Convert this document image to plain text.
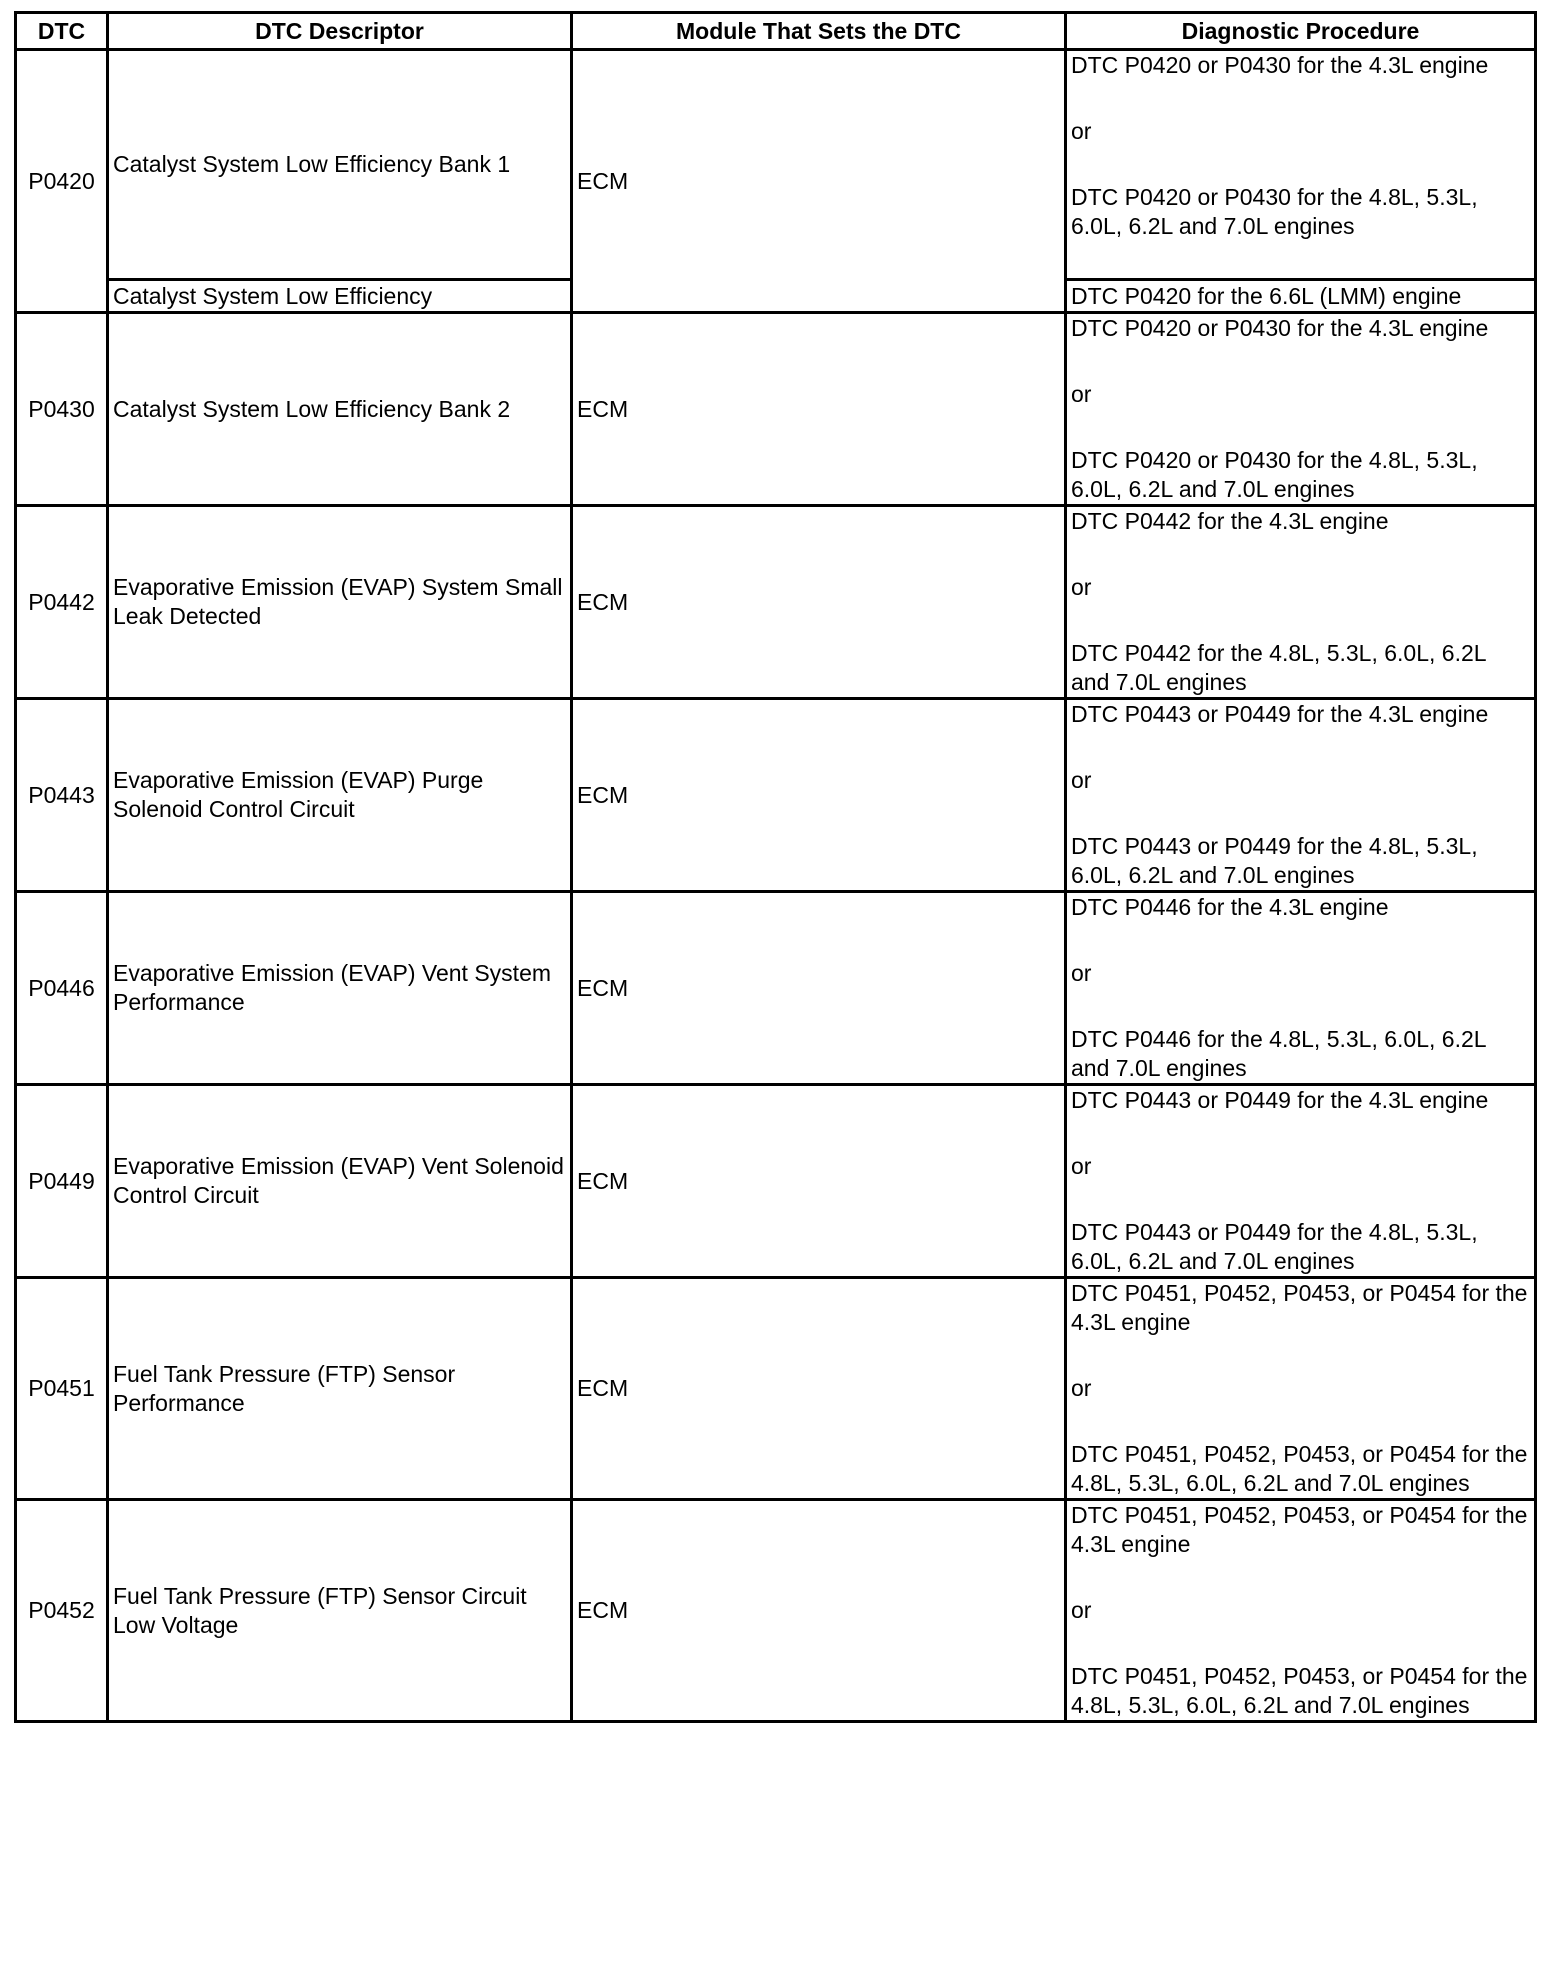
DTC	DTC Descriptor	Module That Sets the DTC	Diagnostic Procedure
P0420	Catalyst System Low Efficiency Bank 1	ECM	DTC P0420 or P0430 for the 4.3L engine
or
DTC P0420 or P0430 for the 4.8L, 5.3L, 6.0L, 6.2L and 7.0L engines

	Catalyst System Low Efficiency		DTC P0420 for the 6.6L (LMM) engine
P0430	Catalyst System Low Efficiency Bank 2	ECM	DTC P0420 or P0430 for the 4.3L engine
or
DTC P0420 or P0430 for the 4.8L, 5.3L, 6.0L, 6.2L and 7.0L engines

P0442	Evaporative Emission (EVAP) System Small Leak Detected	ECM	DTC P0442 for the 4.3L engine
or
DTC P0442 for the 4.8L, 5.3L, 6.0L, 6.2L and 7.0L engines

P0443	Evaporative Emission (EVAP) Purge Solenoid Control Circuit	ECM	DTC P0443 or P0449 for the 4.3L engine
or
DTC P0443 or P0449 for the 4.8L, 5.3L, 6.0L, 6.2L and 7.0L engines

P0446	Evaporative Emission (EVAP) Vent System Performance	ECM	DTC P0446 for the 4.3L engine
or
DTC P0446 for the 4.8L, 5.3L, 6.0L, 6.2L and 7.0L engines

P0449	Evaporative Emission (EVAP) Vent Solenoid Control Circuit	ECM	DTC P0443 or P0449 for the 4.3L engine
or
DTC P0443 or P0449 for the 4.8L, 5.3L, 6.0L, 6.2L and 7.0L engines

P0451	Fuel Tank Pressure (FTP) Sensor Performance	ECM	DTC P0451, P0452, P0453, or P0454 for the 4.3L engine
or
DTC P0451, P0452, P0453, or P0454 for the 4.8L, 5.3L, 6.0L, 6.2L and 7.0L engines

P0452	Fuel Tank Pressure (FTP) Sensor Circuit Low Voltage	ECM	DTC P0451, P0452, P0453, or P0454 for the 4.3L engine
or
DTC P0451, P0452, P0453, or P0454 for the 4.8L, 5.3L, 6.0L, 6.2L and 7.0L engines
